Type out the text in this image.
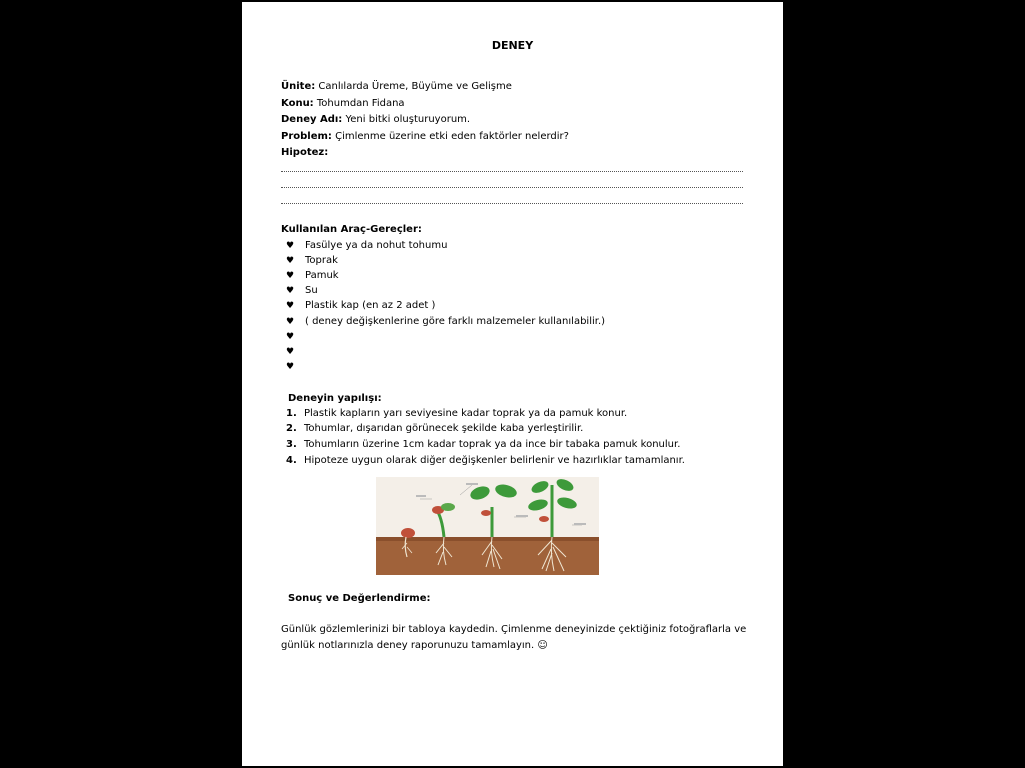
DENEY
Ünite: Canlılarda Üreme, Büyüme ve Gelişme
Konu: Tohumdan Fidana
Deney Adı: Yeni bitki oluşturuyorum.
Problem: Çimlenme üzerine etki eden faktörler nelerdir?
Hipotez:
Kullanılan Araç-Gereçler:
♥	Fasülye ya da nohut tohumu
♥	Toprak
♥	Pamuk
♥	Su
♥	Plastik kap (en az 2 adet )
♥	( deney değişkenlerine göre farklı malzemeler kullanılabilir.)
♥
♥
♥
Deneyin yapılışı:
1. Plastik kapların yarı seviyesine kadar toprak ya da pamuk konur.
2. Tohumlar, dışarıdan görünecek şekilde kaba yerleştirilir.
3. Tohumların üzerine 1cm kadar toprak ya da ince bir tabaka pamuk konulur.
4. Hipoteze uygun olarak diğer değişkenler belirlenir ve hazırlıklar tamamlanır.
Sonuç ve Değerlendirme:
Günlük gözlemlerinizi bir tabloya kaydedin. Çimlenme deneyinizde çektiğiniz fotoğraflarla ve günlük notlarınızla deney raporunuzu tamamlayın. ☺
